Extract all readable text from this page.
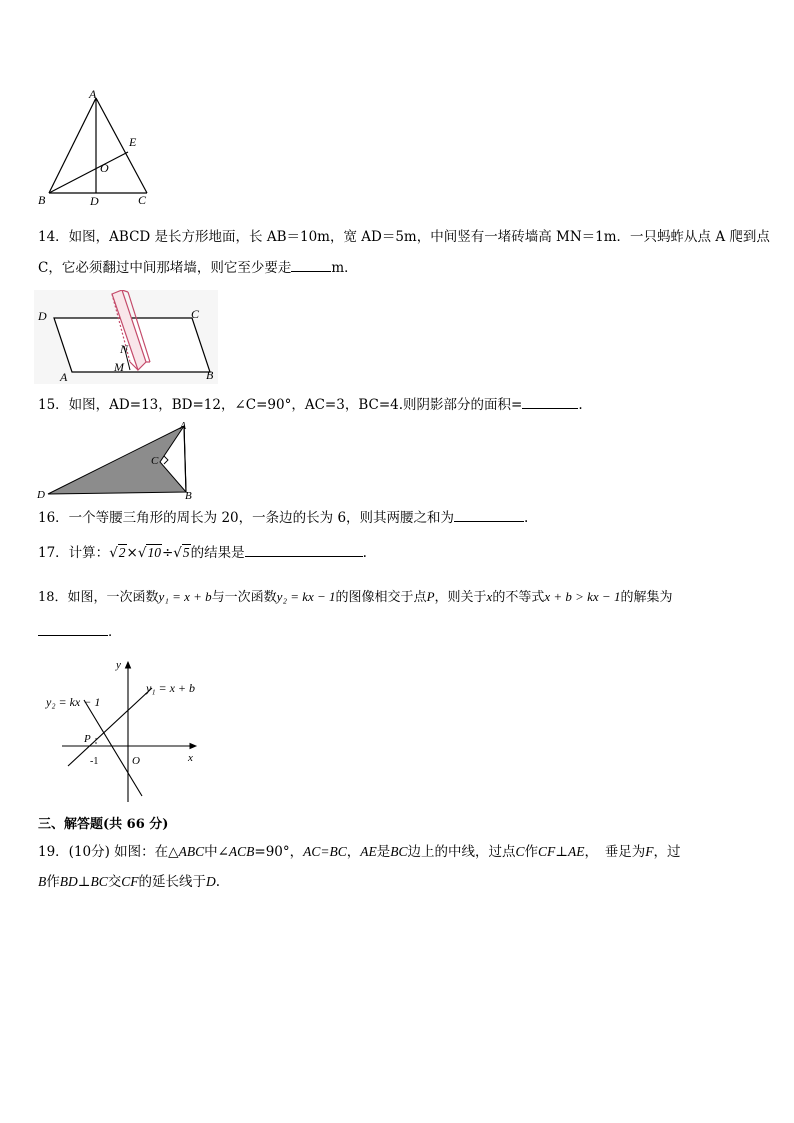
A
E
O
B	D	C
14．如图，ABCD 是长方形地面，长 AB＝10m，宽 AD＝5m，中间竖有一堵砖墙高 MN＝1m．一只蚂蚱从点 A 爬到点
C，它必须翻过中间那堵墙，则它至少要走	m．
D	C
N
M
A	B
15．如图，AD=13，BD=12，∠C=90°，AC=3，BC=4.则阴影部分的面积=	.
A
C
D	B
16．一个等腰三角形的周长为 20，一条边的长为 6，则其两腰之和为	.
17．计算：√2×√10÷√5的结果是	.
18．如图，一次函数y₁ = x + b与一次函数y₂ = kx − 1的图像相交于点P，则关于x的不等式x + b > kx − 1的解集为
．
y
x
O
P
-1
y₁ = x + b
y₂ = kx − 1
三、解答题(共 66 分)
19．(10分) 如图：在△ABC中∠ACB=90°，AC=BC，AE是BC边上的中线，过点C作CF⊥AE，　垂足为F，过
B作BD⊥BC交CF的延长线于D.
